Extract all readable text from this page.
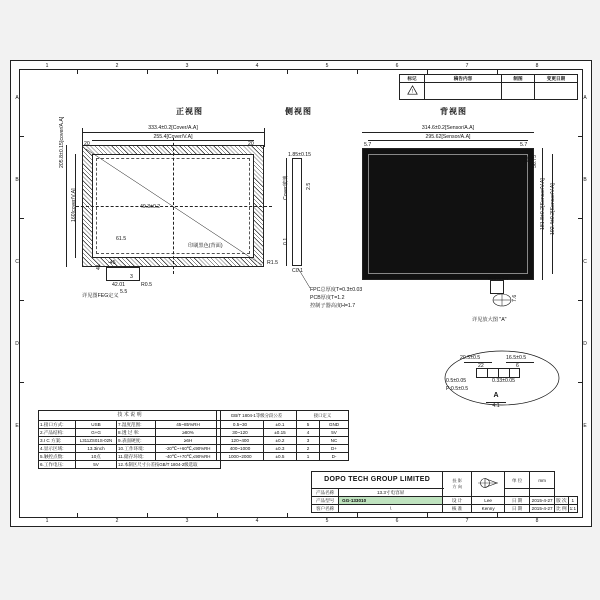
1	2	3	4	5	6	7	8
1	2	3	4	5	6	7	8
A
B
C
D
E
A
B
C
D
E
标记	稿告内容	制图	变更日期

!			

正视图
333.4±0.2[Cover/A.A]
255.4[Cover/V.A]
20	20
205.8±0.15[cover/A.A]
160[cover/V.A]
61.5
印刷黑色(背面)
R1.5
49.3±0.2
41
-45
3
42.01
5.5
R0.5
详见图FEG定义
侧视图
1.85±0.15
Cover玻璃	2.5
0.1
C0.1
FPC总厚度T=0.3±0.03
PCB厚度T=1.2
控制子器高度H=1.7
背视图
314.6±0.2[Sensor/A.A]
295.62[Sensor/A.A]
5.7	5.7
181.8±0.2[Sensor/V.A] 192.4±0.2[Sensor/V.A]
56.75
23
SI1896-501
详见放大图 "A"
7.6
20.5±0.5	16.5±0.5
22	6
0.5±0.05	0.33±0.05
P:0.5±0.5
A
4:1
技 术 说 明			
1.接口方式:	USB	7.湿度范围:	45~85%RH
2.产品结构:	G+G	8.透 过 率:	≥80%
3.I C 方案:	L311ZS01S-02N	9.表面硬度:	≥6H
4.显示区域:	13.3inch	10.工作环境:	-20℃~+60℃,≤90%RH
5.触控点数:	10点	11.储存环境:	-40℃~+70℃,≤90%RH
6.工作电压:	5V	12.本制区尺寸公差按GB/T 1804-2级选取	
GB/T 1804-1等级分段公差	
0.5~30	±0.1
30~120	±0.15
120~400	±0.2
400~1000	±0.3
1000~2000	±0.5
接口定义	
5	GND
4	5V
3	NC
2	D+
1	D-
DOPO TECH GROUP LIMITED		投 影
方 向		单 位	mm		
产品名称	13.3寸电容屏						
产品型号	GG-133010	设 计	Lee	日 期	2015-4-27	版 次	1
客户名称	\	核 准	Kenny	日 期	2015-4-27	比 例	1:1
